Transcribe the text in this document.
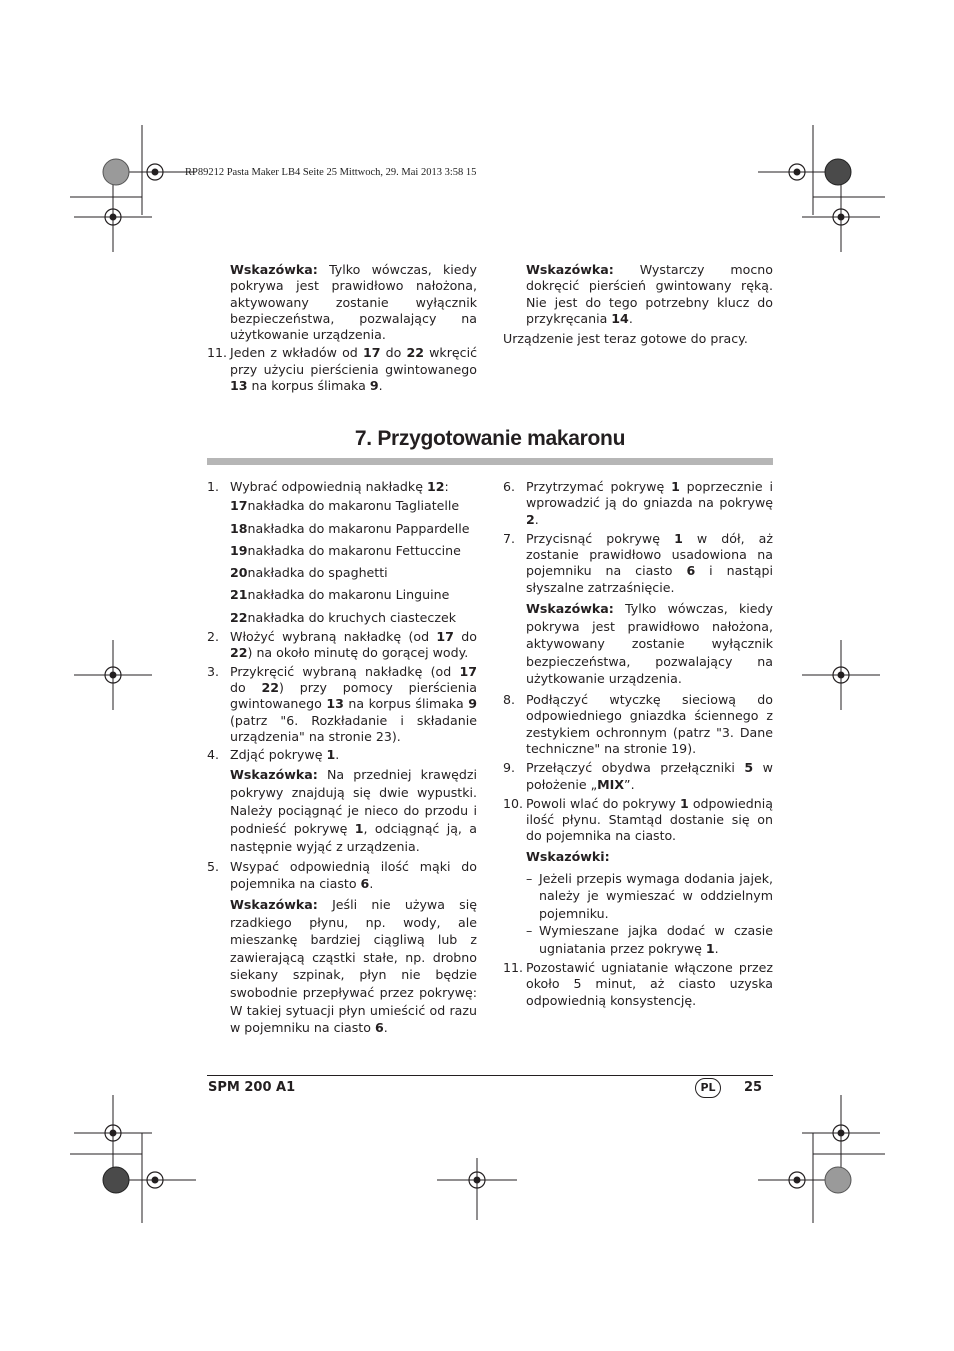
RP89212 Pasta Maker LB4 Seite 25 Mittwoch, 29. Mai 2013 3:58 15

Wskazówka: Tylko wówczas, kiedy pokrywa jest prawidłowo nałożona, aktywowany zostanie wyłącznik bezpieczeństwa, pozwalający na użytkowanie urządzenia.

11. Jeden z wkładów od 17 do 22 wkręcić przy użyciu pierścienia gwintowanego 13 na korpus ślimaka 9.

Wskazówka: Wystarczy mocno dokręcić pierścień gwintowany ręką. Nie jest do tego potrzebny klucz do przykręcania 14.

Urządzenie jest teraz gotowe do pracy.

7. Przygotowanie makaronu
1. Wybrać odpowiednią nakładkę 12:
17nakładka do makaronu Tagliatelle
18nakładka do makaronu Pappardelle
19nakładka do makaronu Fettuccine
20nakładka do spaghetti
21nakładka do makaronu Linguine
22nakładka do kruchych ciasteczek
2. Włożyć wybraną nakładkę (od 17 do 22) na około minutę do gorącej wody.
3. Przykręcić wybraną nakładkę (od 17 do 22) przy pomocy pierścienia gwintowanego 13 na korpus ślimaka 9 (patrz "6. Rozkładanie i składanie urządzenia" na stronie 23).
4. Zdjąć pokrywę 1.

Wskazówka: Na przedniej krawędzi pokrywy znajdują się dwie wypustki. Należy pociągnąć je nieco do przodu i podnieść pokrywę 1, odciągnąć ją, a następnie wyjąć z urządzenia.

5. Wsypać odpowiednią ilość mąki do pojemnika na ciasto 6.

Wskazówka: Jeśli nie używa się rzadkiego płynu, np. wody, ale mieszankę bardziej ciągliwą lub z zawierającą cząstki stałe, np. drobno siekany szpinak, płyn nie będzie swobodnie przepływać przez pokrywę: W takiej sytuacji płyn umieścić od razu w pojemniku na ciasto 6.

6. Przytrzymać pokrywę 1 poprzecznie i wprowadzić ją do gniazda na pokrywę 2.
7. Przycisnąć pokrywę 1 w dół, aż zostanie prawidłowo usadowiona na pojemniku na ciasto 6 i nastąpi słyszalne zatrzaśnięcie.

Wskazówka: Tylko wówczas, kiedy pokrywa jest prawidłowo nałożona, aktywowany zostanie wyłącznik bezpieczeństwa, pozwalający na użytkowanie urządzenia.

8. Podłączyć wtyczkę sieciową do odpowiedniego gniazdka ściennego z zestykiem ochronnym (patrz "3. Dane techniczne" na stronie 19).
9. Przełączyć obydwa przełączniki 5 w położenie „MIX”.
10. Powoli wlać do pokrywy 1 odpowiednią ilość płynu. Stamtąd dostanie się on do pojemnika na ciasto.

Wskazówki:

– Jeżeli przepis wymaga dodania jajek, należy je wymieszać w oddzielnym pojemniku.
– Wymieszane jajka dodać w czasie ugniatania przez pokrywę 1.
11. Pozostawić ugniatanie włączone przez około 5 minut, aż ciasto uzyska odpowiednią konsystencję.
SPM 200 A1	PL	25
